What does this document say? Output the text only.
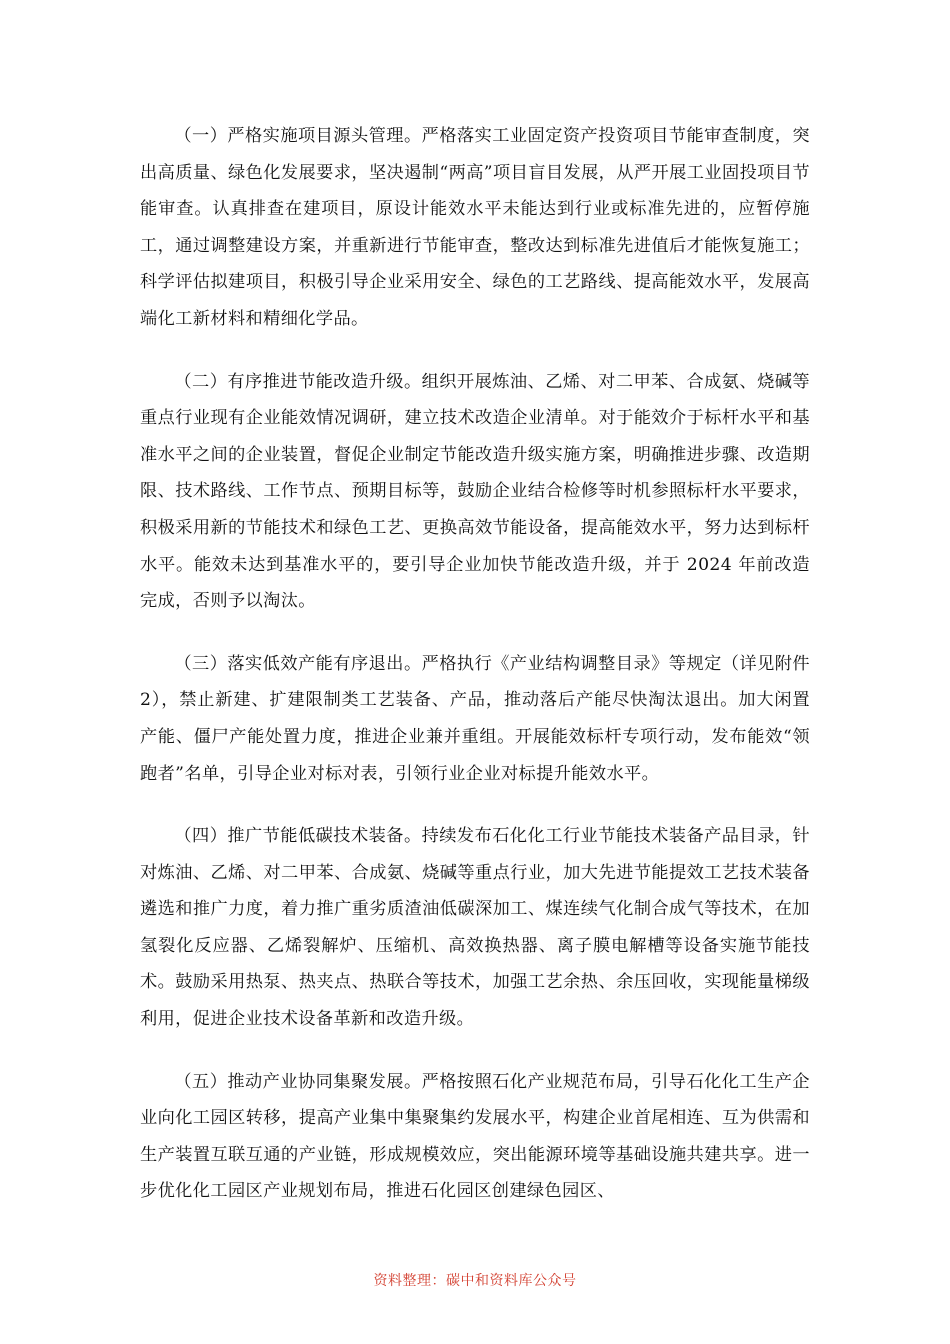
（一）严格实施项目源头管理。严格落实工业固定资产投资项目节能审查制度，突出高质量、绿色化发展要求，坚决遏制“两高”项目盲目发展，从严开展工业固投项目节能审查。认真排查在建项目，原设计能效水平未能达到行业或标准先进的，应暂停施工，通过调整建设方案，并重新进行节能审查，整改达到标准先进值后才能恢复施工；科学评估拟建项目，积极引导企业采用安全、绿色的工艺路线、提高能效水平，发展高端化工新材料和精细化学品。

（二）有序推进节能改造升级。组织开展炼油、乙烯、对二甲苯、合成氨、烧碱等重点行业现有企业能效情况调研，建立技术改造企业清单。对于能效介于标杆水平和基准水平之间的企业装置，督促企业制定节能改造升级实施方案，明确推进步骤、改造期限、技术路线、工作节点、预期目标等，鼓励企业结合检修等时机参照标杆水平要求，积极采用新的节能技术和绿色工艺、更换高效节能设备，提高能效水平，努力达到标杆水平。能效未达到基准水平的，要引导企业加快节能改造升级，并于 2024 年前改造完成，否则予以淘汰。

（三）落实低效产能有序退出。严格执行《产业结构调整目录》等规定（详见附件 2），禁止新建、扩建限制类工艺装备、产品，推动落后产能尽快淘汰退出。加大闲置产能、僵尸产能处置力度，推进企业兼并重组。开展能效标杆专项行动，发布能效“领跑者”名单，引导企业对标对表，引领行业企业对标提升能效水平。

（四）推广节能低碳技术装备。持续发布石化化工行业节能技术装备产品目录，针对炼油、乙烯、对二甲苯、合成氨、烧碱等重点行业，加大先进节能提效工艺技术装备遴选和推广力度，着力推广重劣质渣油低碳深加工、煤连续气化制合成气等技术，在加氢裂化反应器、乙烯裂解炉、压缩机、高效换热器、离子膜电解槽等设备实施节能技术。鼓励采用热泵、热夹点、热联合等技术，加强工艺余热、余压回收，实现能量梯级利用，促进企业技术设备革新和改造升级。

（五）推动产业协同集聚发展。严格按照石化产业规范布局，引导石化化工生产企业向化工园区转移，提高产业集中集聚集约发展水平，构建企业首尾相连、互为供需和生产装置互联互通的产业链，形成规模效应，突出能源环境等基础设施共建共享。进一步优化化工园区产业规划布局，推进石化园区创建绿色园区、

资料整理：碳中和资料库公众号
